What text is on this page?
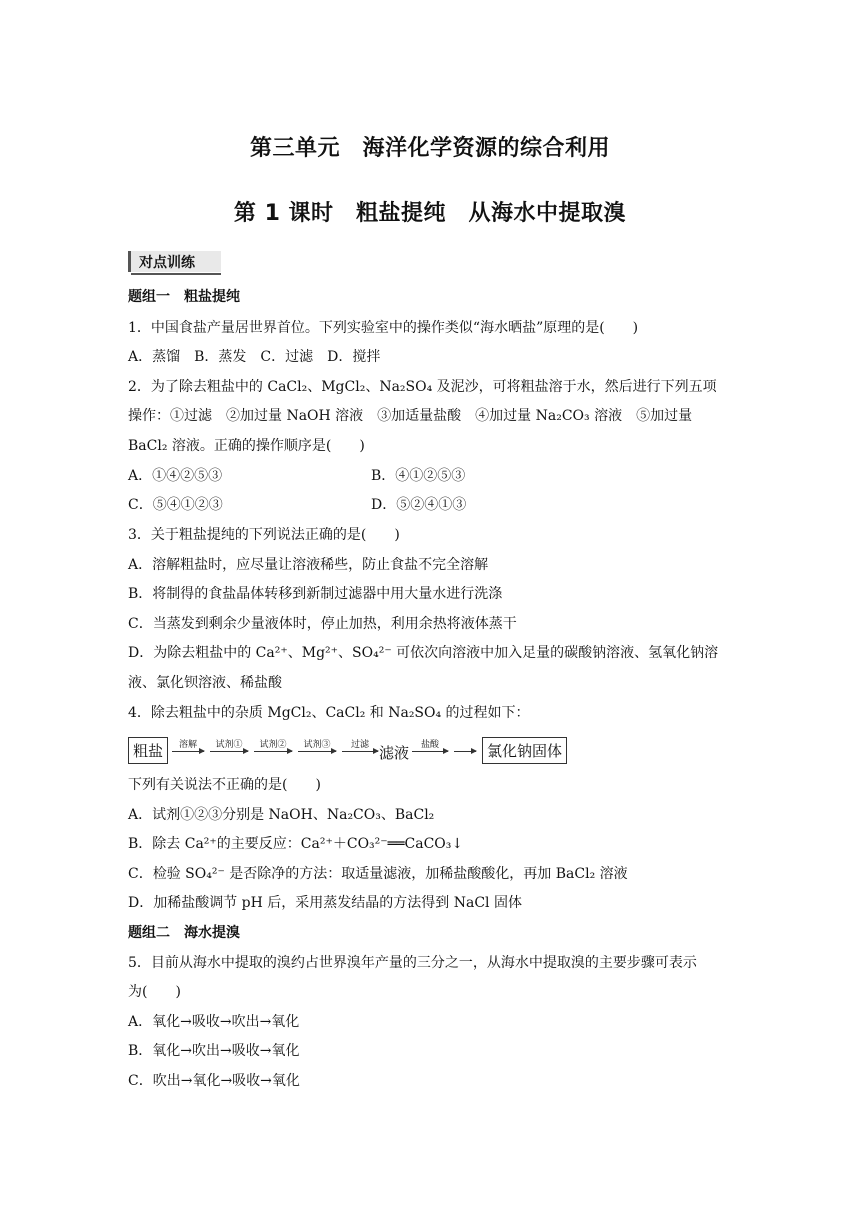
第三单元　海洋化学资源的综合利用
第 1 课时　粗盐提纯　从海水中提取溴
对点训练
题组一　粗盐提纯
1．中国食盐产量居世界首位。下列实验室中的操作类似“海水晒盐”原理的是(　　)
A．蒸馏　B．蒸发　C．过滤　D．搅拌
2．为了除去粗盐中的 CaCl₂、MgCl₂、Na₂SO₄ 及泥沙，可将粗盐溶于水，然后进行下列五项
操作：①过滤　②加过量 NaOH 溶液　③加适量盐酸　④加过量 Na₂CO₃ 溶液　⑤加过量
BaCl₂ 溶液。正确的操作顺序是(　　)
A．①④②⑤③	B．④①②⑤③
C．⑤④①②③	D．⑤②④①③
3．关于粗盐提纯的下列说法正确的是(　　)
A．溶解粗盐时，应尽量让溶液稀些，防止食盐不完全溶解
B．将制得的食盐晶体转移到新制过滤器中用大量水进行洗涤
C．当蒸发到剩余少量液体时，停止加热，利用余热将液体蒸干
D．为除去粗盐中的 Ca²⁺、Mg²⁺、SO₄²⁻ 可依次向溶液中加入足量的碳酸钠溶液、氢氧化钠溶
液、氯化钡溶液、稀盐酸
4．除去粗盐中的杂质 MgCl₂、CaCl₂ 和 Na₂SO₄ 的过程如下：
粗盐	溶解	试剂①	试剂②	试剂③	过滤 滤液	盐酸	氯化钠固体
下列有关说法不正确的是(　　)
A．试剂①②③分别是 NaOH、Na₂CO₃、BaCl₂
B．除去 Ca²⁺的主要反应：Ca²⁺＋CO₃²⁻══CaCO₃↓
C．检验 SO₄²⁻ 是否除净的方法：取适量滤液，加稀盐酸酸化，再加 BaCl₂ 溶液
D．加稀盐酸调节 pH 后，采用蒸发结晶的方法得到 NaCl 固体
题组二　海水提溴
5．目前从海水中提取的溴约占世界溴年产量的三分之一，从海水中提取溴的主要步骤可表示
为(　　)
A．氧化→吸收→吹出→氧化
B．氧化→吹出→吸收→氧化
C．吹出→氧化→吸收→氧化
